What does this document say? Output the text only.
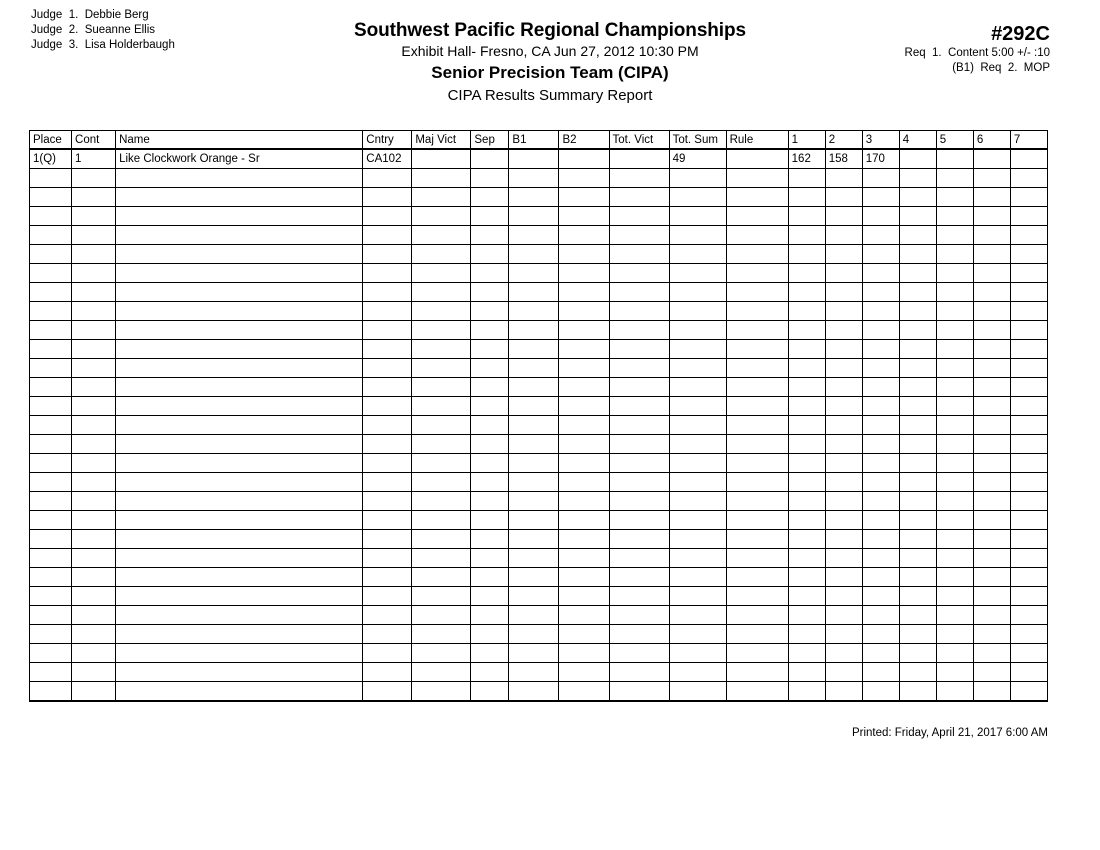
Judge  1.  Debbie Berg
Judge  2.  Sueanne Ellis
Judge  3.  Lisa Holderbaugh
Southwest Pacific Regional Championships
Exhibit Hall- Fresno, CA Jun 27, 2012 10:30 PM
Senior Precision Team (CIPA)
CIPA Results Summary Report
#292C
Req  1.  Content 5:00 +/- :10
(B1)  Req  2.  MOP
Place	Cont	Name	Cntry	Maj Vict	Sep	B1	B2	Tot. Vict	Tot. Sum	Rule	1	2	3	4	5	6	7
1(Q)	1	Like Clockwork Orange - Sr	CA102						49		162	158	170				

Printed: Friday, April 21, 2017 6:00 AM
